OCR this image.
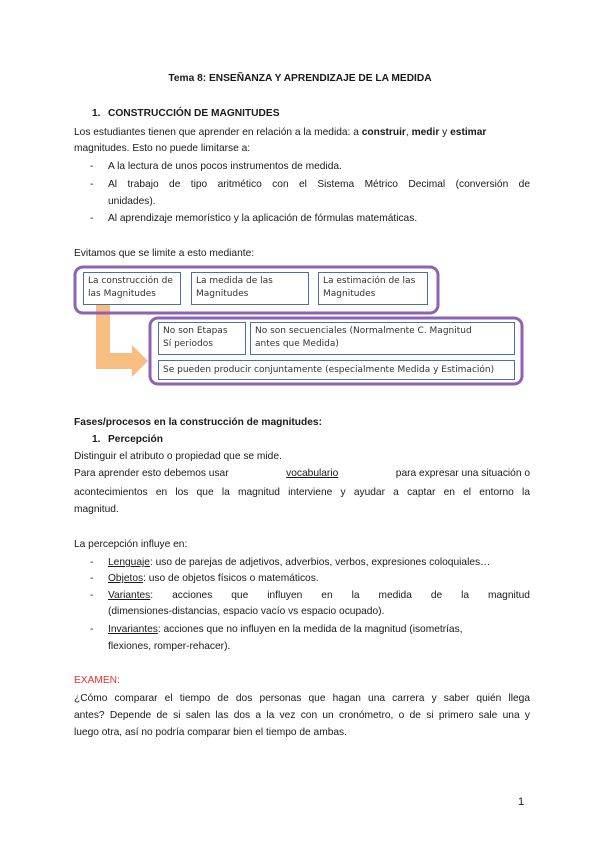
Tema 8: ENSEÑANZA Y APRENDIZAJE DE LA MEDIDA
1. CONSTRUCCIÓN DE MAGNITUDES
Los estudiantes tienen que aprender en relación a la medida: a construir, medir y estimar
magnitudes. Esto no puede limitarse a:
- A la lectura de unos pocos instrumentos de medida.
- Al trabajo de tipo aritmético con el Sistema Métrico Decimal (conversión de
unidades).
- Al aprendizaje memorístico y la aplicación de fórmulas matemáticas.
Evitamos que se limite a esto mediante:
La construcción de
las Magnitudes
La medida de las
Magnitudes
La estimación de las
Magnitudes
No son Etapas
Sí periodos
No son secuenciales (Normalmente C. Magnitud
antes que Medida)
Se pueden producir conjuntamente (especialmente Medida y Estimación)
Fases/procesos en la construcción de magnitudes:
1. Percepción
Distinguir el atributo o propiedad que se mide.
Para aprender esto debemos usar	vocabulario	para expresar una situación o
acontecimientos en los que la magnitud interviene y ayudar a captar en el entorno la
magnitud.
La percepción influye en:
- Lenguaje: uso de parejas de adjetivos, adverbios, verbos, expresiones coloquiales…
- Objetos: uso de objetos físicos o matemáticos.
- Variantes: acciones que influyen en la medida de la magnitud
(dimensiones-distancias, espacio vacío vs espacio ocupado).
- Invariantes: acciones que no influyen en la medida de la magnitud (isometrías,
flexiones, romper-rehacer).
EXAMEN:
¿Cómo comparar el tiempo de dos personas que hagan una carrera y saber quién llega
antes? Depende de si salen las dos a la vez con un cronómetro, o de si primero sale una y
luego otra, así no podría comparar bien el tiempo de ambas.
1
